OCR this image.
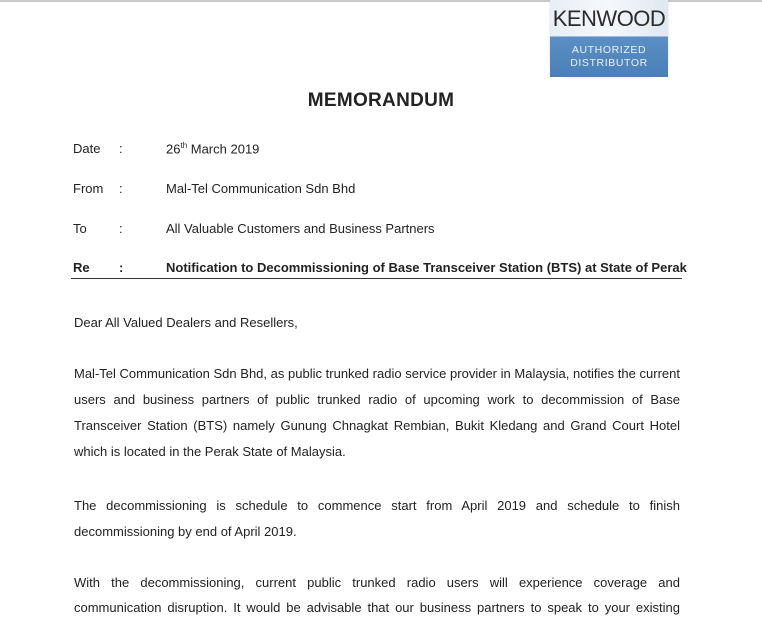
KENWOOD
AUTHORIZED
DISTRIBUTOR
MEMORANDUM
Date :	26th March 2019
From :	Mal-Tel Communication Sdn Bhd
To :	All Valuable Customers and Business Partners
Re :	Notification to Decommissioning of Base Transceiver Station (BTS) at State of Perak
Dear All Valued Dealers and Resellers,
Mal-Tel Communication Sdn Bhd, as public trunked radio service provider in Malaysia, notifies the current users and business partners of public trunked radio of upcoming work to decommission of Base Transceiver Station (BTS) namely Gunung Chnagkat Rembian, Bukit Kledang and Grand Court Hotel which is located in the Perak State of Malaysia.
The decommissioning is schedule to commence start from April 2019 and schedule to finish decommissioning by end of April 2019.
With the decommissioning, current public trunked radio users will experience coverage and
communication disruption. It would be advisable that our business partners to speak to your existing
